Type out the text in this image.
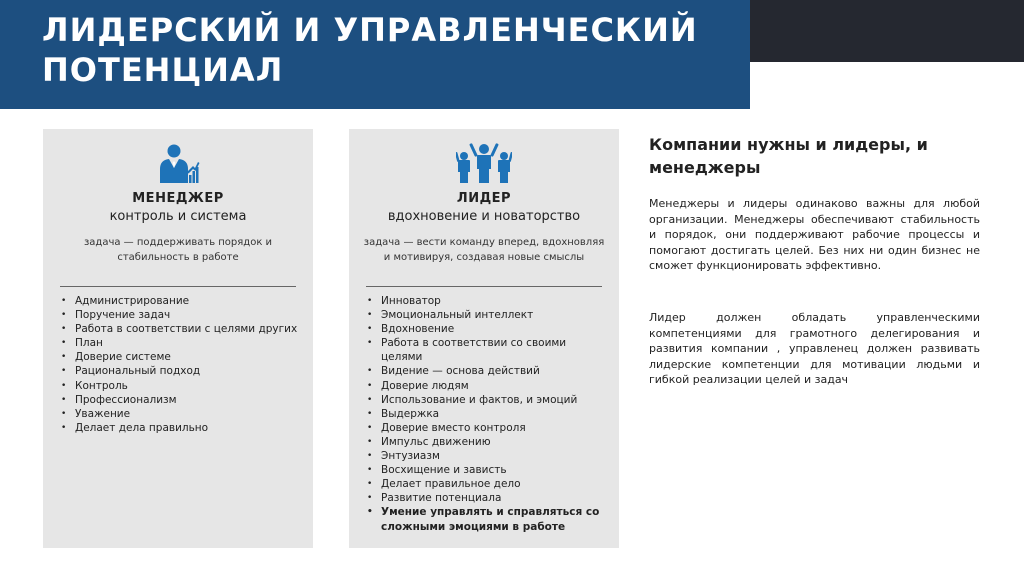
ЛИДЕРСКИЙ И УПРАВЛЕНЧЕСКИЙ ПОТЕНЦИАЛ
МЕНЕДЖЕР
контроль и система
задача — поддерживать порядок и стабильность в работе
• Администрирование
• Поручение задач
• Работа в соответствии с целями других
• План
• Доверие системе
• Рациональный подход
• Контроль
• Профессионализм
• Уважение
• Делает дела правильно
ЛИДЕР
вдохновение и новаторство
задача — вести команду вперед, вдохновляя и мотивируя, создавая новые смыслы
• Инноватор
• Эмоциональный интеллект
• Вдохновение
• Работа в соответствии со своими целями
• Видение — основа действий
• Доверие людям
• Использование и фактов, и эмоций
• Выдержка
• Доверие вместо контроля
• Импульс движению
• Энтузиазм
• Восхищение и зависть
• Делает правильное дело
• Развитие потенциала
• Умение управлять и справляться со сложными эмоциями в работе
Компании нужны и лидеры, и менеджеры

Менеджеры и лидеры одинаково важны для любой организации. Менеджеры обеспечивают стабильность и порядок, они поддерживают рабочие процессы и помогают достигать целей. Без них ни один бизнес не сможет функционировать эффективно.

Лидер должен обладать управленческими компетенциями для грамотного делегирования и развития компании , управленец должен развивать лидерские компетенции для мотивации людьми и гибкой реализации целей и задач
